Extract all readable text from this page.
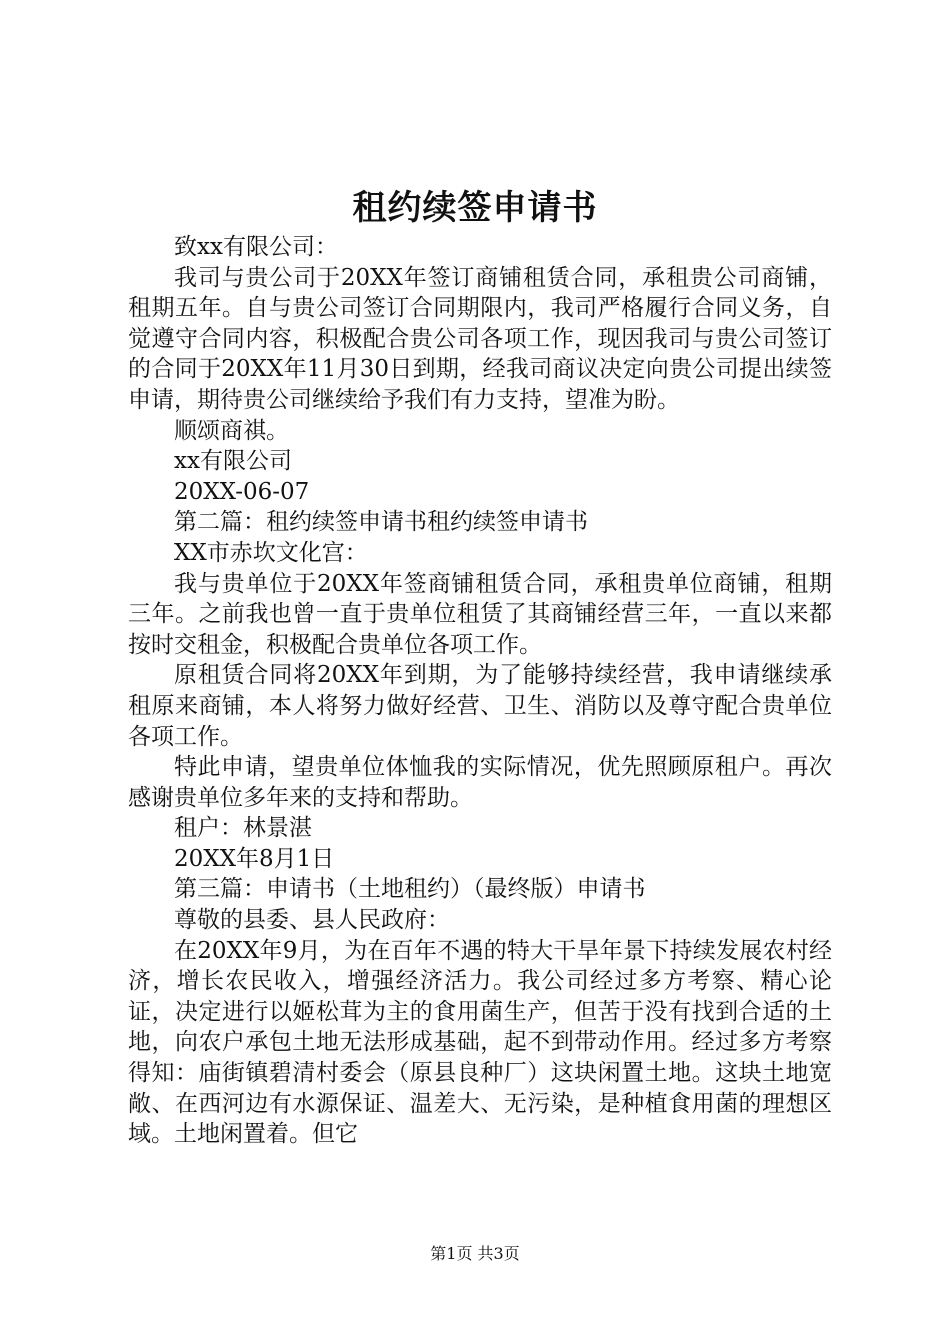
租约续签申请书

致xx有限公司：

我司与贵公司于20XX年签订商铺租赁合同，承租贵公司商铺，租期五年。自与贵公司签订合同期限内，我司严格履行合同义务，自觉遵守合同内容，积极配合贵公司各项工作，现因我司与贵公司签订的合同于20XX年11月30日到期，经我司商议决定向贵公司提出续签申请，期待贵公司继续给予我们有力支持，望准为盼。

顺颂商祺。

xx有限公司

20XX-06-07

第二篇：租约续签申请书租约续签申请书

XX市赤坎文化宫：

我与贵单位于20XX年签商铺租赁合同，承租贵单位商铺，租期三年。之前我也曾一直于贵单位租赁了其商铺经营三年，一直以来都按时交租金，积极配合贵单位各项工作。

原租赁合同将20XX年到期，为了能够持续经营，我申请继续承租原来商铺，本人将努力做好经营、卫生、消防以及尊守配合贵单位各项工作。

特此申请，望贵单位体恤我的实际情况，优先照顾原租户。再次感谢贵单位多年来的支持和帮助。

租户：林景湛

20XX年8月1日

第三篇：申请书（土地租约）（最终版）申请书

尊敬的县委、县人民政府：

在20XX年9月，为在百年不遇的特大干旱年景下持续发展农村经济，增长农民收入，增强经济活力。我公司经过多方考察、精心论证，决定进行以姬松茸为主的食用菌生产，但苦于没有找到合适的土地，向农户承包土地无法形成基础，起不到带动作用。经过多方考察得知：庙街镇碧清村委会（原县良种厂）这块闲置土地。这块土地宽敞、在西河边有水源保证、温差大、无污染，是种植食用菌的理想区域。土地闲置着。但它

第1页 共3页
